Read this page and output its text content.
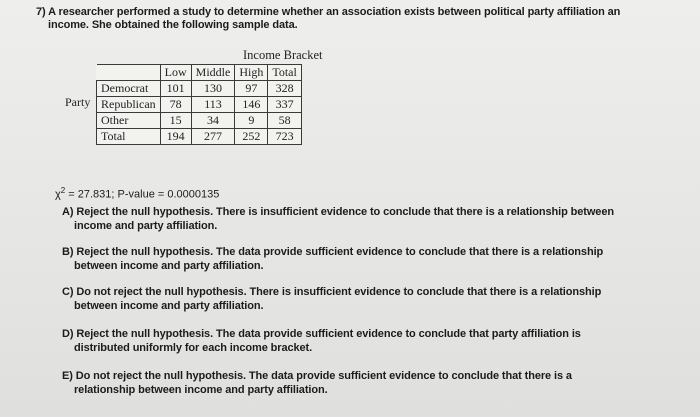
7) A researcher performed a study to determine whether an association exists between political party affiliation an
income. She obtained the following sample data.
Income Bracket
Party
	Low	Middle	High	Total
Democrat	101	130	97	328
Republican	78	113	146	337
Other	15	34	9	58
Total	194	277	252	723
$\chi^2 = 27.831$; P-value = 0.0000135
A) Reject the null hypothesis. There is insufficient evidence to conclude that there is a relationship between
income and party affiliation.
B) Reject the null hypothesis. The data provide sufficient evidence to conclude that there is a relationship
between income and party affiliation.
C) Do not reject the null hypothesis. There is insufficient evidence to conclude that there is a relationship
between income and party affiliation.
D) Reject the null hypothesis. The data provide sufficient evidence to conclude that party affiliation is
distributed uniformly for each income bracket.
E) Do not reject the null hypothesis. The data provide sufficient evidence to conclude that there is a
relationship between income and party affiliation.
